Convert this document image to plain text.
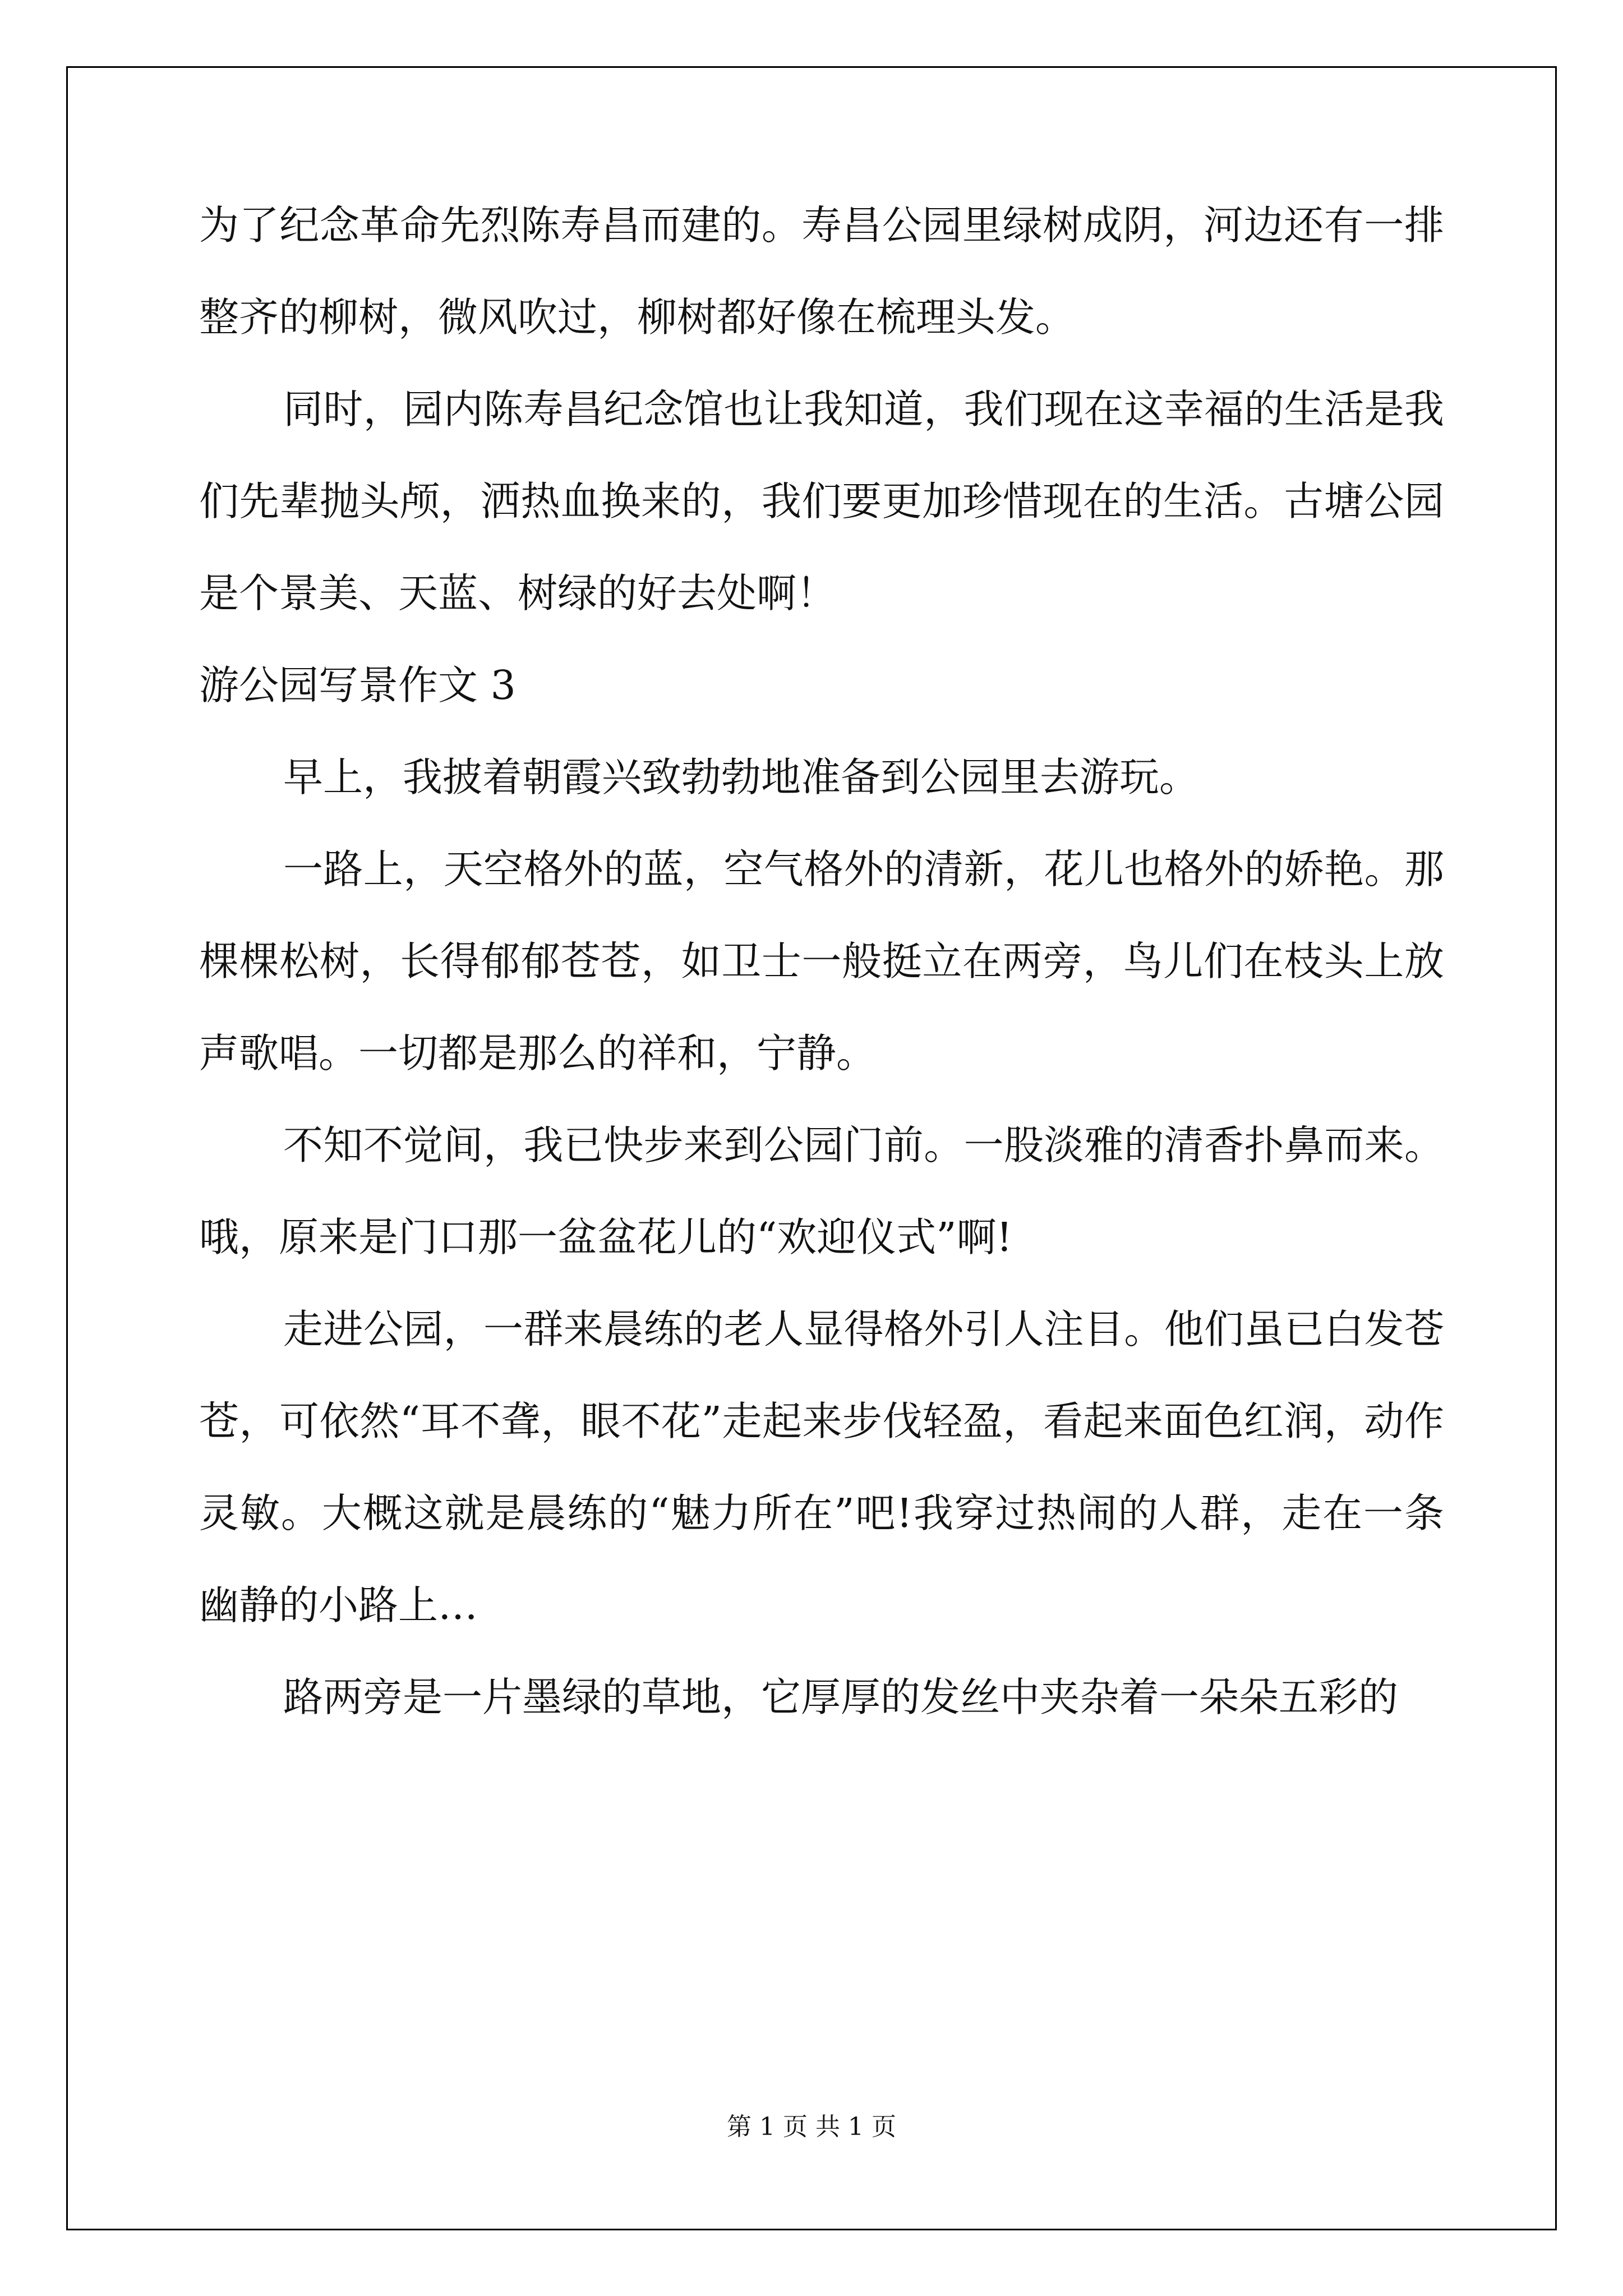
为了纪念革命先烈陈寿昌而建的。寿昌公园里绿树成阴，河边还有一排整齐的柳树，微风吹过，柳树都好像在梳理头发。

同时，园内陈寿昌纪念馆也让我知道，我们现在这幸福的生活是我们先辈抛头颅，洒热血换来的，我们要更加珍惜现在的生活。古塘公园是个景美、天蓝、树绿的好去处啊！

游公园写景作文 3

早上，我披着朝霞兴致勃勃地准备到公园里去游玩。

一路上，天空格外的蓝，空气格外的清新，花儿也格外的娇艳。那棵棵松树，长得郁郁苍苍，如卫士一般挺立在两旁，鸟儿们在枝头上放声歌唱。一切都是那么的祥和，宁静。

不知不觉间，我已快步来到公园门前。一股淡雅的清香扑鼻而来。哦，原来是门口那一盆盆花儿的“欢迎仪式”啊!

走进公园，一群来晨练的老人显得格外引人注目。他们虽已白发苍苍，可依然“耳不聋，眼不花”走起来步伐轻盈，看起来面色红润，动作灵敏。大概这就是晨练的“魅力所在”吧!我穿过热闹的人群，走在一条幽静的小路上…

路两旁是一片墨绿的草地，它厚厚的发丝中夹杂着一朵朵五彩的

第 1 页 共 1 页
